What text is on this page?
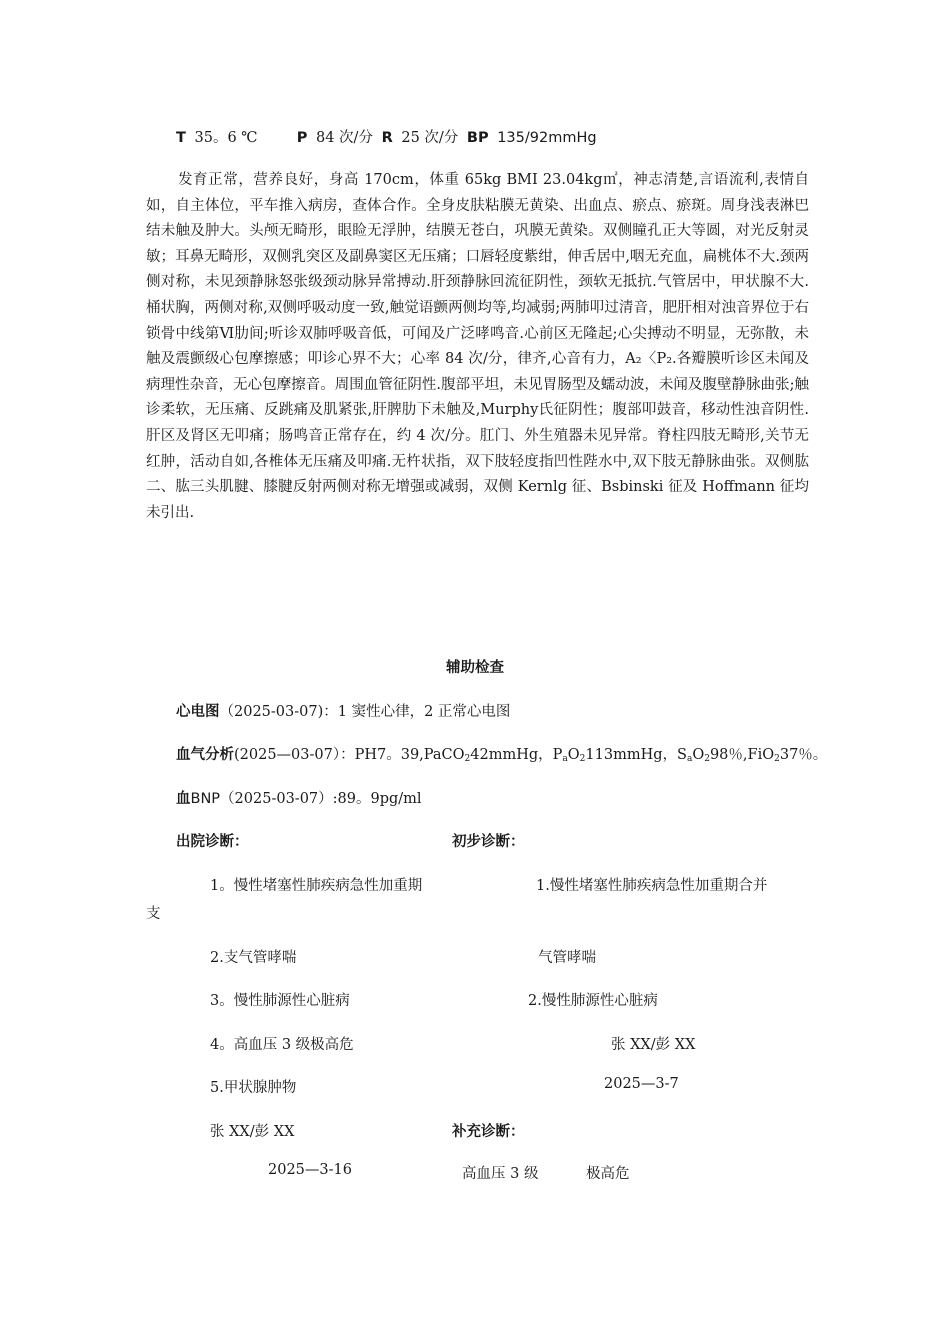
T 35。6 ℃	P 84 次/分 R 25 次/分 BP 135/92mmHg
发育正常，营养良好，身高 170cm，体重 65kg BMI 23.04kg㎡，神志清楚,言语流利,表情自如，自主体位，平车推入病房，查体合作。全身皮肤粘膜无黄染、出血点、瘀点、瘀斑。周身浅表淋巴结未触及肿大。头颅无畸形，眼睑无浮肿，结膜无苍白，巩膜无黄染。双侧瞳孔正大等圆，对光反射灵敏；耳鼻无畸形，双侧乳突区及副鼻窦区无压痛；口唇轻度紫绀，伸舌居中,咽无充血，扁桃体不大.颈两侧对称，未见颈静脉怒张级颈动脉异常搏动.肝颈静脉回流征阴性，颈软无抵抗.气管居中，甲状腺不大.桶状胸，两侧对称,双侧呼吸动度一致,触觉语颤两侧均等,均减弱;两肺叩过清音，肥肝相对浊音界位于右锁骨中线第Ⅵ肋间;听诊双肺呼吸音低，可闻及广泛哮鸣音.心前区无隆起;心尖搏动不明显，无弥散，未触及震颤级心包摩擦感；叩诊心界不大；心率 84 次/分，律齐,心音有力，A₂〈P₂.各瓣膜听诊区未闻及病理性杂音，无心包摩擦音。周围血管征阴性.腹部平坦，未见胃肠型及蠕动波，未闻及腹壁静脉曲张;触诊柔软，无压痛、反跳痛及肌紧张,肝脾肋下未触及,Murphy氏征阴性；腹部叩鼓音，移动性浊音阴性.肝区及肾区无叩痛；肠鸣音正常存在，约 4 次/分。肛门、外生殖器未见异常。脊柱四肢无畸形,关节无红肿，活动自如,各椎体无压痛及叩痛.无杵状指，双下肢轻度指凹性陛水中,双下肢无静脉曲张。双侧肱二、肱三头肌腱、膝腱反射两侧对称无增强或减弱，双侧 Kernlg 征、Bsbinski 征及 Hoffmann 征均未引出.
辅助检查
心电图（2025-03-07)：1 窦性心律，2 正常心电图
血气分析(2025—03-07）：PH7。39,PaCO$_2$42mmHg，$P_aO_2113mmHg$，$S_aO_298$％,FiO$_2$37％。
血BNP（2025-03-07）:89。9pg/ml
出院诊断：	初步诊断：
1。慢性堵塞性肺疾病急性加重期	1.慢性堵塞性肺疾病急性加重期合并
支
2.支气管哮喘	气管哮喘
3。慢性肺源性心脏病	2.慢性肺源性心脏病
4。高血压 3 级极高危	张 XX/彭 XX
5.甲状腺肿物	2025—3-7
张 XX/彭 XX	补充诊断：
2025—3-16	高血压 3 级	极高危
